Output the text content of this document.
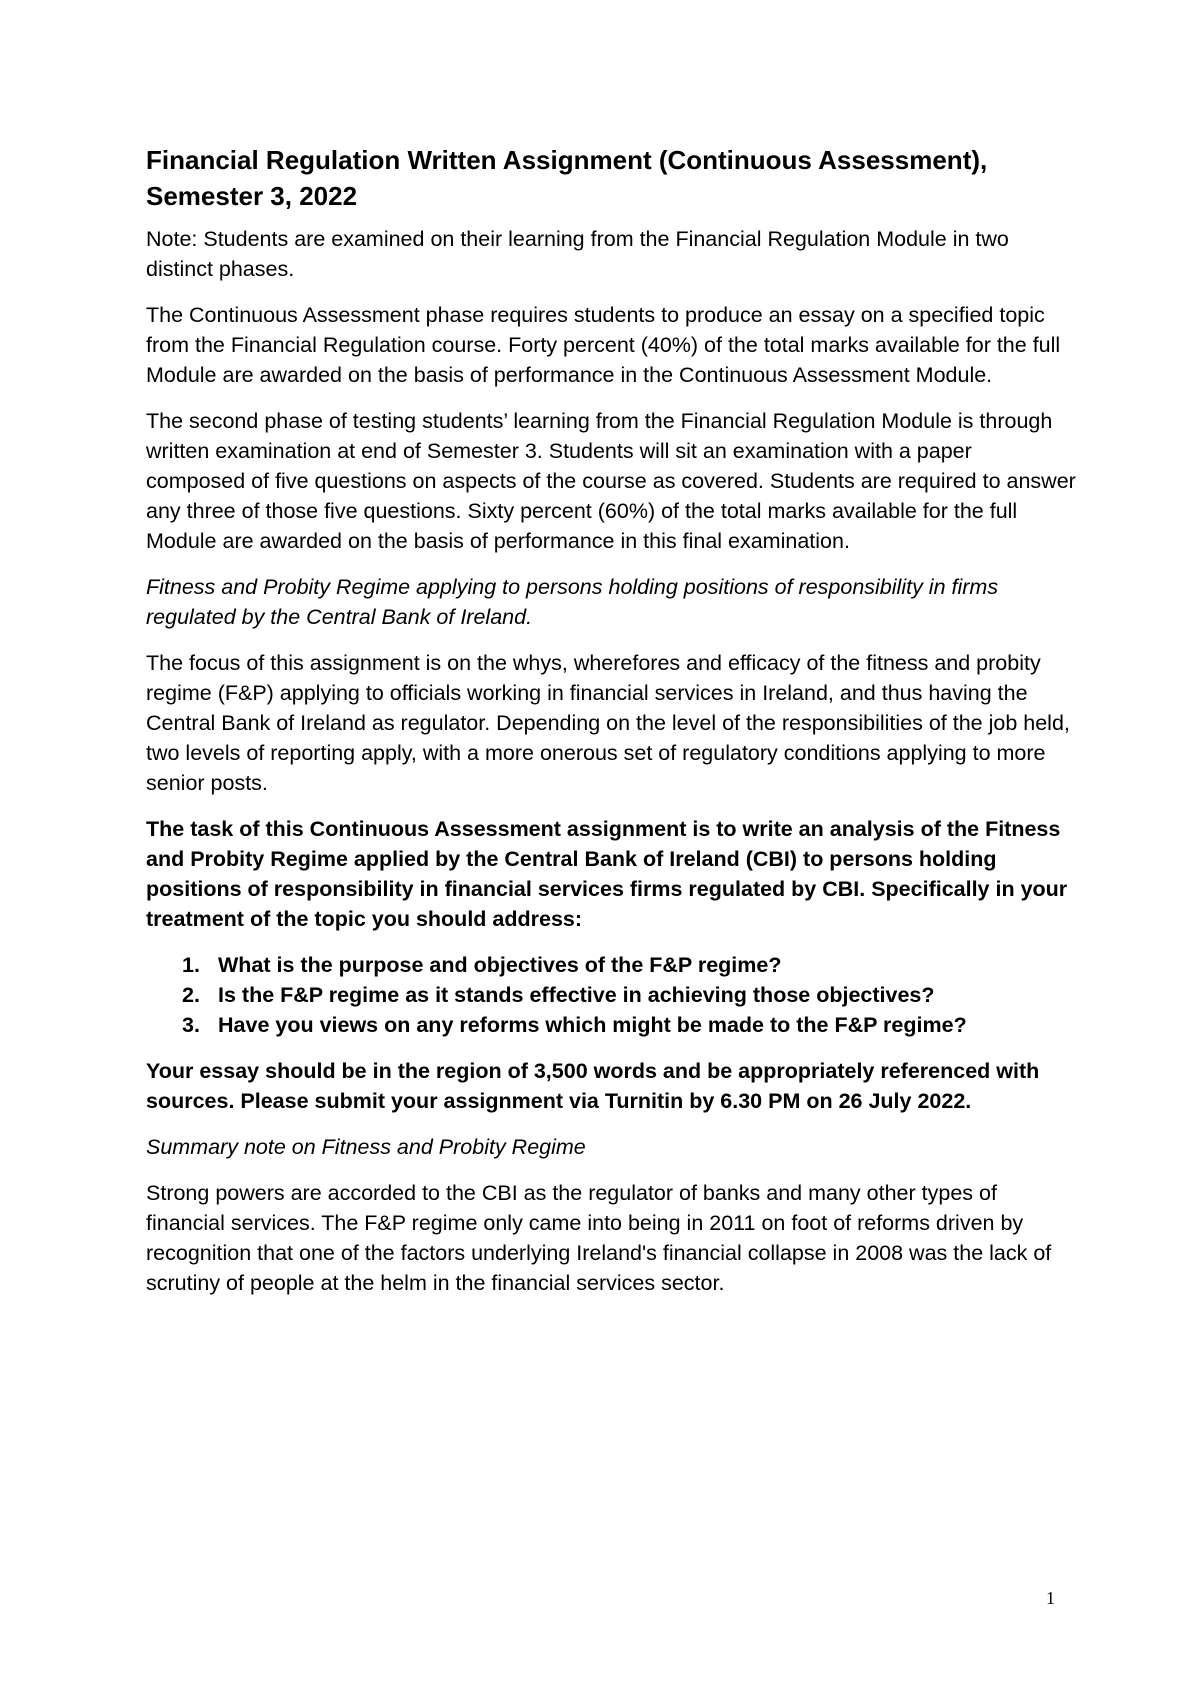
Financial Regulation Written Assignment (Continuous Assessment), Semester 3, 2022

Note: Students are examined on their learning from the Financial Regulation Module in two distinct phases.

The Continuous Assessment phase requires students to produce an essay on a specified topic from the Financial Regulation course. Forty percent (40%) of the total marks available for the full Module are awarded on the basis of performance in the Continuous Assessment Module.

The second phase of testing students’ learning from the Financial Regulation Module is through written examination at end of Semester 3. Students will sit an examination with a paper composed of five questions on aspects of the course as covered. Students are required to answer any three of those five questions. Sixty percent (60%) of the total marks available for the full Module are awarded on the basis of performance in this final examination.

Fitness and Probity Regime applying to persons holding positions of responsibility in firms regulated by the Central Bank of Ireland.

The focus of this assignment is on the whys, wherefores and efficacy of the fitness and probity regime (F&P) applying to officials working in financial services in Ireland, and thus having the Central Bank of Ireland as regulator. Depending on the level of the responsibilities of the job held, two levels of reporting apply, with a more onerous set of regulatory conditions applying to more senior posts.

The task of this Continuous Assessment assignment is to write an analysis of the Fitness and Probity Regime applied by the Central Bank of Ireland (CBI) to persons holding positions of responsibility in financial services firms regulated by CBI. Specifically in your treatment of the topic you should address:

1. What is the purpose and objectives of the F&P regime?
2. Is the F&P regime as it stands effective in achieving those objectives?
3. Have you views on any reforms which might be made to the F&P regime?

Your essay should be in the region of 3,500 words and be appropriately referenced with sources. Please submit your assignment via Turnitin by 6.30 PM on 26 July 2022.

Summary note on Fitness and Probity Regime

Strong powers are accorded to the CBI as the regulator of banks and many other types of financial services. The F&P regime only came into being in 2011 on foot of reforms driven by recognition that one of the factors underlying Ireland's financial collapse in 2008 was the lack of scrutiny of people at the helm in the financial services sector.

1
